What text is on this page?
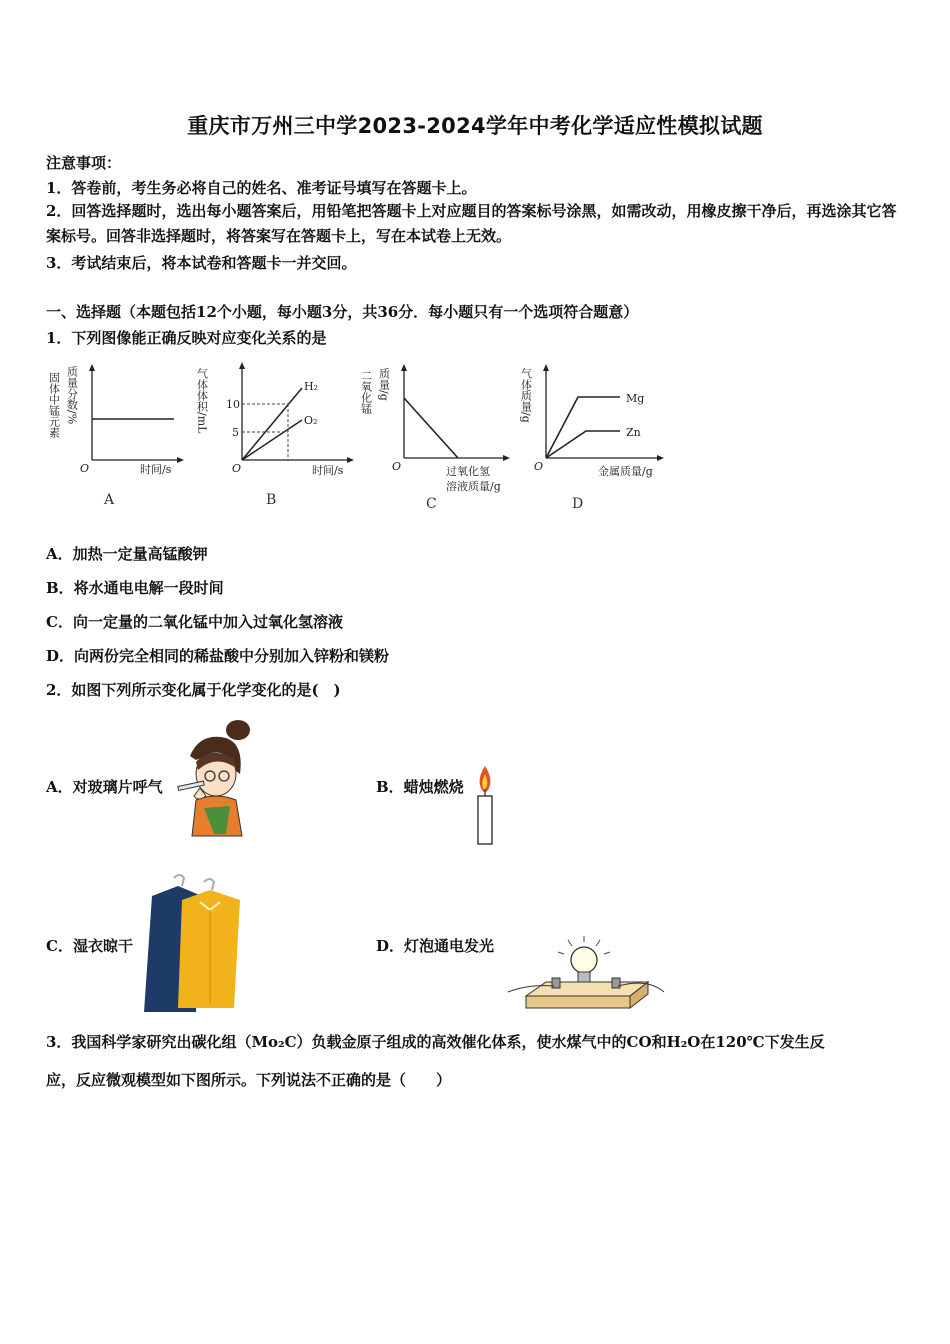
重庆市万州三中学2023-2024学年中考化学适应性模拟试题
注意事项：
1．答卷前，考生务必将自己的姓名、准考证号填写在答题卡上。
2．回答选择题时，选出每小题答案后，用铅笔把答题卡上对应题目的答案标号涂黑，如需改动，用橡皮擦干净后，再选涂其它答案标号。回答非选择题时，将答案写在答题卡上，写在本试卷上无效。
3．考试结束后，将本试卷和答题卡一并交回。
一、选择题（本题包括12个小题，每小题3分，共36分．每小题只有一个选项符合题意）
1．下列图像能正确反映对应变化关系的是
固体中锰元素 质量分数/%
O	时间/s
A
气体体积/mL 10
5
H₂
O₂
O	时间/s
B
二氧化锰 质量/g
O	过氧化氢
溶液质量/g
C
气体质量/g	Mg
Zn
O	金属质量/g
D
A．加热一定量高锰酸钾
B．将水通电电解一段时间
C．向一定量的二氧化锰中加入过氧化氢溶液
D．向两份完全相同的稀盐酸中分别加入锌粉和镁粉
2．如图下列所示变化属于化学变化的是(　)
A．对玻璃片呼气	B．蜡烛燃烧
C．湿衣晾干	D．灯泡通电发光
3．我国科学家研究出碳化组（Mo₂C）负载金原子组成的高效催化体系，使水煤气中的CO和H₂O在120℃下发生反
应，反应微观模型如下图所示。下列说法不正确的是（　　）
